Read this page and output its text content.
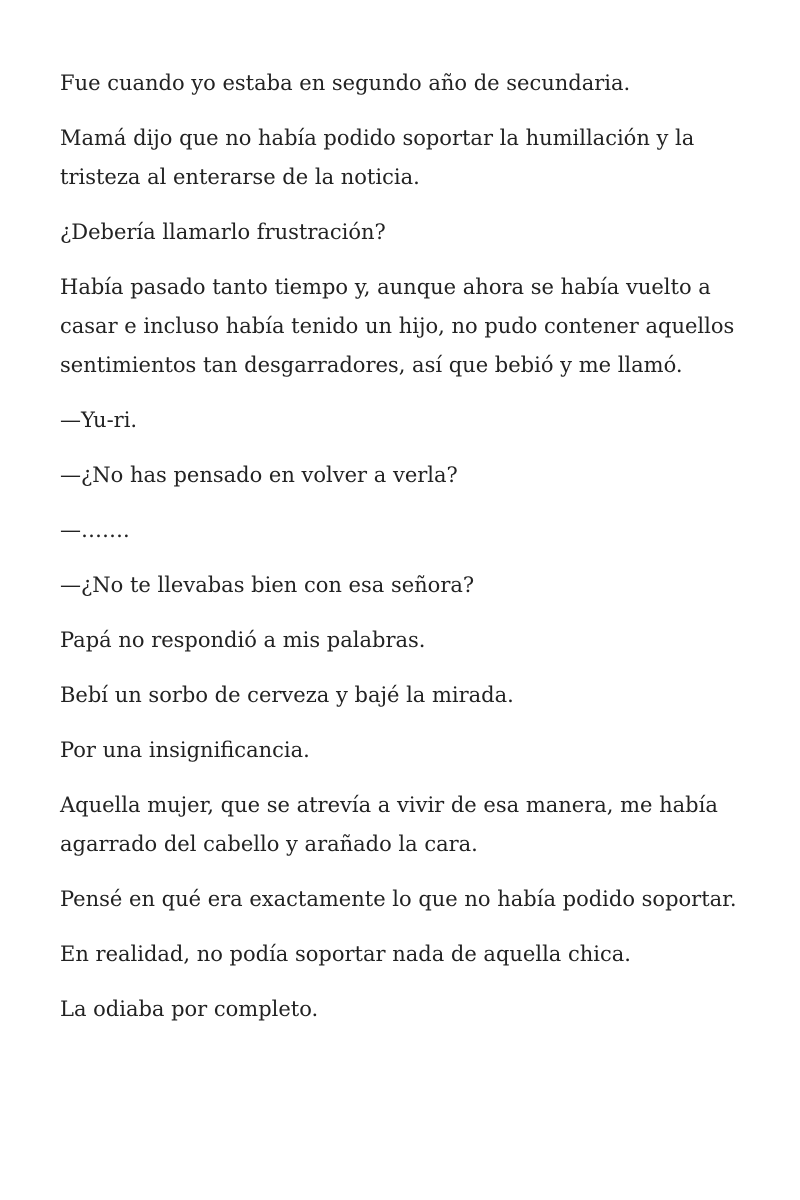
Fue cuando yo estaba en segundo año de secundaria.

Mamá dijo que no había podido soportar la humillación y la tristeza al enterarse de la noticia.

¿Debería llamarlo frustración?

Había pasado tanto tiempo y, aunque ahora se había vuelto a casar e incluso había tenido un hijo, no pudo contener aquellos sentimientos tan desgarradores, así que bebió y me llamó.

—Yu-ri.

—¿No has pensado en volver a verla?

—…….

—¿No te llevabas bien con esa señora?

Papá no respondió a mis palabras.

Bebí un sorbo de cerveza y bajé la mirada.

Por una insignificancia.

Aquella mujer, que se atrevía a vivir de esa manera, me había agarrado del cabello y arañado la cara.

Pensé en qué era exactamente lo que no había podido soportar.

En realidad, no podía soportar nada de aquella chica.

La odiaba por completo.
